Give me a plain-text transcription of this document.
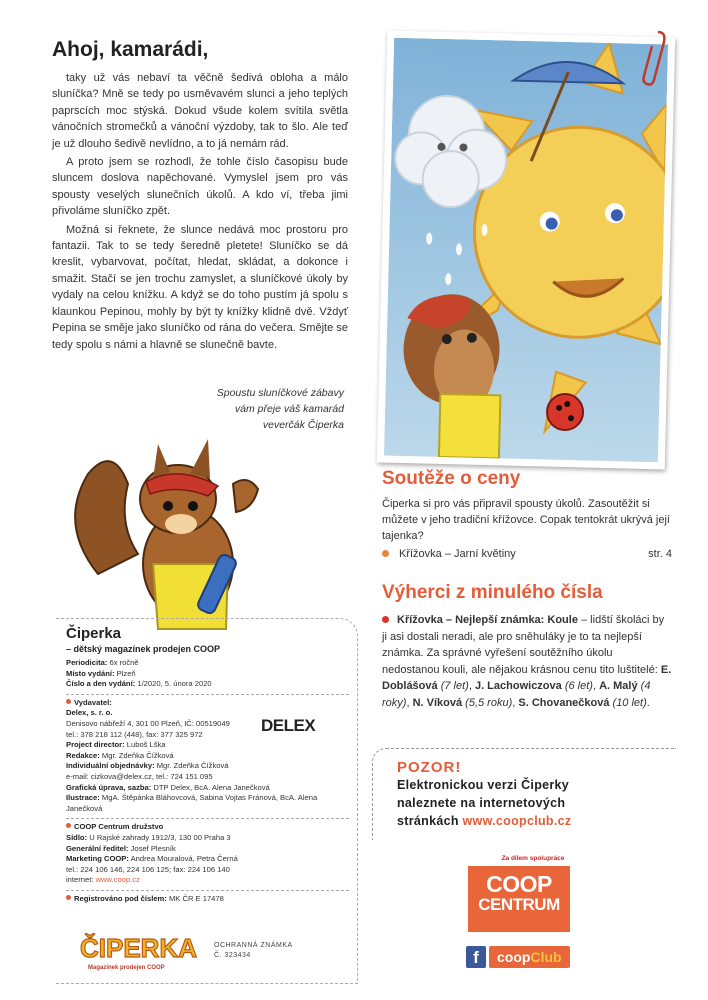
Ahoj, kamarádi,

taky už vás nebaví ta věčně šedivá obloha a málo sluníčka? Mně se tedy po usměvavém slunci a jeho teplých paprscích moc stýská. Dokud všude kolem svítila světla vánočních stromečků a vánoční výzdoby, tak to šlo. Ale teď je už dlouho šedivě nevlídno, a to já nemám rád.

A proto jsem se rozhodl, že tohle číslo časopisu bude sluncem doslova napěchované. Vymyslel jsem pro vás spousty veselých slunečních úkolů. A kdo ví, třeba jimi přivoláme sluníčko zpět.

Možná si řeknete, že slunce nedává moc prostoru pro fantazii. Tak to se tedy šeredně pletete! Sluníčko se dá kreslit, vybarvovat, počítat, hledat, skládat, a dokonce i smažit. Stačí se jen trochu zamyslet, a sluníčkové úkoly by vydaly na celou knížku. A když se do toho pustím já spolu s klaunkou Pepinou, mohly by být ty knížky klidně dvě. Vždyť Pepina se směje jako sluníčko od rána do večera. Smějte se tedy spolu s námi a hlavně se slunečně bavte.

Spoustu sluníčkové zábavy
vám přeje váš kamarád
veverčák Čiperka
Čiperka
– dětský magazínek prodejen COOP
Periodicita: 6x ročně
Místo vydání: Plzeň
Číslo a den vydání: 1/2020, 5. února 2020
Vydavatel:
Delex, s. r. o.
Denisovo nábřeží 4, 301 00 Plzeň, IČ: 00519049
tel.: 378 218 112 (448), fax: 377 325 972
Project director: Luboš Lška
Redakce: Mgr. Zdeňka Čížková
Individuální objednávky: Mgr. Zdeňka Čížková
e-mail: cizkova@delex.cz, tel.: 724 151 095
Grafická úprava, sazba: DTP Delex, BcA. Alena Janečková
Ilustrace: MgA. Štěpánka Bláhovcová, Sabina Vojtas Fránová, BcA. Alena Janečková
DELEX
COOP Centrum družstvo
Sídlo: U Rajské zahrady 1912/3, 130 00 Praha 3
Generální ředitel: Josef Plesník
Marketing COOP: Andrea Mouralová, Petra Černá
tel.: 224 106 146, 224 106 125; fax: 224 106 140
internet: www.coop.cz
Registrováno pod číslem: MK ČR E 17478
ČIPERKA
Magazínek prodejen COOP
OCHRANNÁ ZNÁMKA
Č. 323434
Soutěže o ceny
Čiperka si pro vás připravil spousty úkolů. Zasoutěžit si můžete v jeho tradiční křížovce. Copak tentokrát ukrývá její tajenka?
Křížovka – Jarní květiny	str. 4
Výherci z minulého čísla
Křížovka – Nejlepší známka: Koule – lidští školáci by ji asi dostali neradi, ale pro sněhuláky je to ta nejlepší známka. Za správné vyřešení soutěžního úkolu nedostanou kouli, ale nějakou krásnou cenu tito luštitelé: E. Doblášová (7 let), J. Lachowiczova (6 let), A. Malý (4 roky), N. Víková (5,5 roku), S. Chovanečková (10 let).
POZOR!
Elektronickou verzi Čiperky
naleznete na internetových
stránkách www.coopclub.cz
Za dílem spolupráce
COOP
CENTRUM
f	coopClub
